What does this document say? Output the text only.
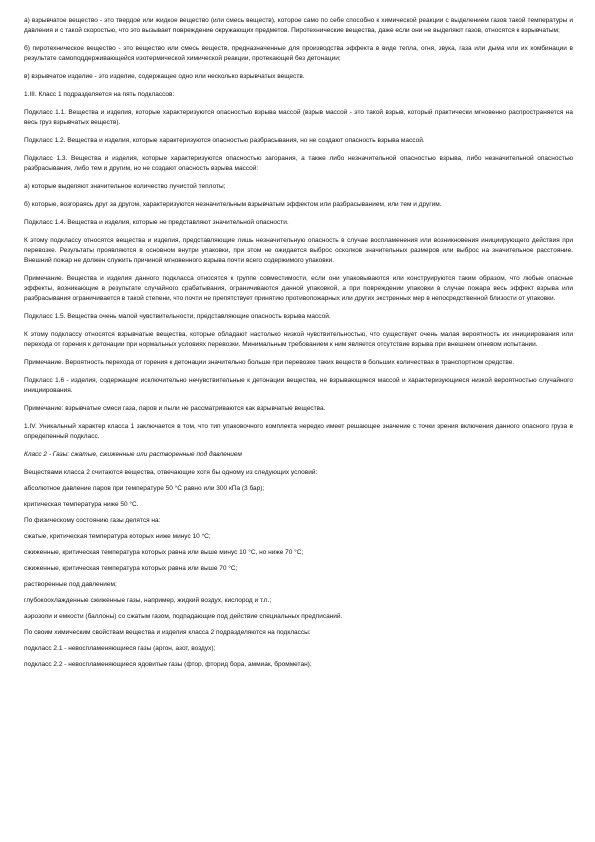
а) взрывчатое вещество - это твердое или жидкое вещество (или смесь веществ), которое само по себе способно к химической реакции с выделением газов такой температуры и давления и с такой скоростью, что это вызывает повреждение окружающих предметов. Пиротехнические вещества, даже если они не выделяют газов, относятся к взрывчатым;

б) пиротехническое вещество - это вещество или смесь веществ, предназначенные для производства эффекта в виде тепла, огня, звука, газа или дыма или их комбинации в результате самоподдерживающейся изотермической химической реакции, протекающей без детонации;

в) взрывчатое изделие - это изделие, содержащее одно или несколько взрывчатых веществ.

1.III. Класс 1 подразделяется на пять подклассов:

Подкласс 1.1. Вещества и изделия, которые характеризуются опасностью взрыва массой (взрыв массой - это такой взрыв, который практически мгновенно распространяется на весь груз взрывчатых веществ).

Подкласс 1.2. Вещества и изделия, которые характеризуются опасностью разбрасывания, но не создают опасность взрыва массой.

Подкласс 1.3. Вещества и изделия, которые характеризуются опасностью загорания, а также либо незначительной опасностью взрыва, либо незначительной опасностью разбрасывания, либо тем и другим, но не создают опасность взрыва массой:

а) которые выделяют значительное количество лучистой теплоты;

б) которые, возгораясь друг за другом, характеризуются незначительным взрывчатым эффектом или разбрасыванием, или тем и другим.

Подкласс 1.4. Вещества и изделия, которые не представляют значительной опасности.

К этому подклассу относятся вещества и изделия, представляющие лишь незначительную опасность в случае воспламенения или возникновения инициирующего действия при перевозке. Результаты проявляются в основном внутри упаковки, при этом не ожидается выброс осколков значительных размеров или выброс на значительное расстояние. Внешний пожар не должен служить причиной мгновенного взрыва почти всего содержимого упаковки.

Примечание. Вещества и изделия данного подкласса относятся к группе совместимости, если они упаковываются или конструируются таким образом, что любые опасные эффекты, возникающие в результате случайного срабатывания, ограничиваются данной упаковкой, а при повреждении упаковки в случае пожара весь эффект взрыва или разбрасывания ограничивается в такой степени, что почти не препятствует принятию противопожарных или других экстренных мер в непосредственной близости от упаковки.

Подкласс 1.5. Вещества очень малой чувствительности, представляющие опасность взрыва массой.

К этому подклассу относятся взрывчатые вещества, которые обладают настолько низкой чувствительностью, что существует очень малая вероятность их инициирования или перехода от горения к детонации при нормальных условиях перевозки. Минимальным требованием к ним является отсутствие взрыва при внешнем огневом испытании.

Примечание. Вероятность перехода от горения к детонации значительно больше при перевозке таких веществ в больших количествах в транспортном средстве.

Подкласс 1.6 - изделия, содержащие исключительно нечувствительные к детонации вещества, не взрывающиеся массой и характеризующиеся низкой вероятностью случайного инициирования.

Примечание: взрывчатые смеси газа, паров и пыли не рассматриваются как взрывчатые вещества.

1.IV. Уникальный характер класса 1 заключается в том, что тип упаковочного комплекта нередко имеет решающее значение с точки зрения включения данного опасного груза в определенный подкласс.

Класс 2 - Газы: сжатые, сжиженные или растворенные под давлением

Веществами класса 2 считаются вещества, отвечающие хотя бы одному из следующих условий:

абсолютное давление паров при температуре 50 °С равно или 300 кПа (3 бар);

критическая температура ниже 50 °С.

По физическому состоянию газы делятся на:

сжатые, критическая температура которых ниже минус 10 °С;

сжиженные, критическая температура которых равна или выше минус 10 °С, но ниже 70 °С;

сжиженные, критическая температура которых равна или выше 70 °С;

растворенные под давлением;

глубокоохлажденные сжиженные газы, например, жидкий воздух, кислород и т.п.;

аэрозоли и емкости (баллоны) со сжатым газом, подпадающие под действие специальных предписаний.

По своим химическим свойствам вещества и изделия класса 2 подразделяются на подклассы:

подкласс 2.1 - невоспламеняющиеся газы (аргон, азот, воздух);

подкласс 2.2 - невоспламеняющиеся ядовитые газы (фтор, фторид бора, аммиак, бромметан);
